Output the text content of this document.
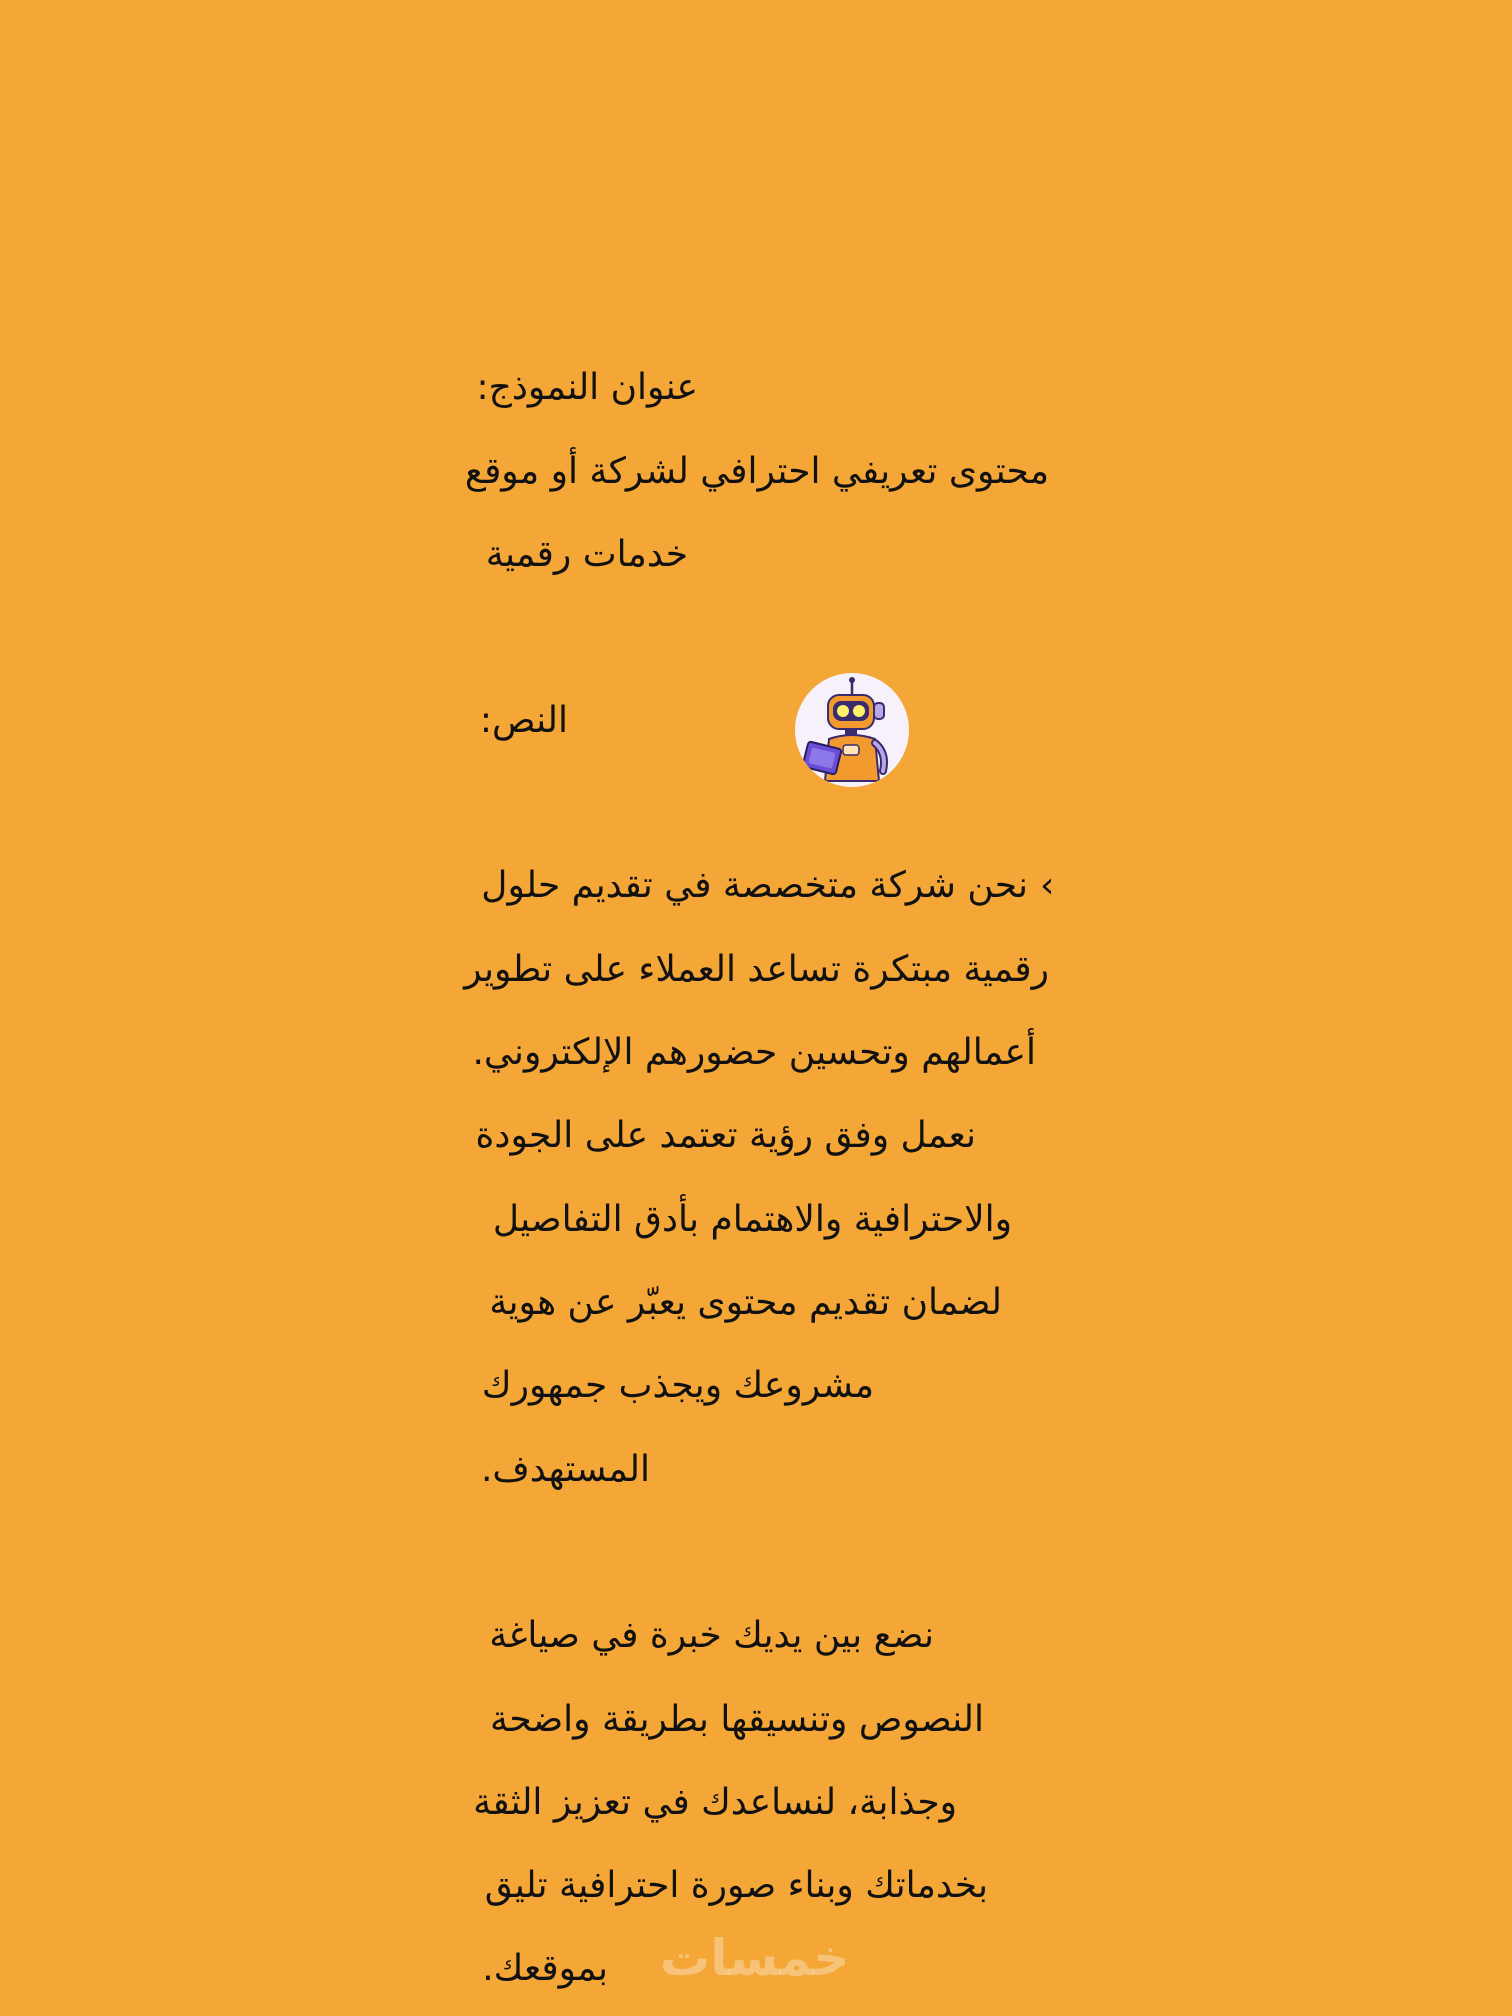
عنوان النموذج:
محتوى تعريفي احترافي لشركة أو موقع
خدمات رقمية
النص:
›
نحن شركة متخصصة في تقديم حلول
رقمية مبتكرة تساعد العملاء على تطوير
أعمالهم وتحسين حضورهم الإلكتروني.
نعمل وفق رؤية تعتمد على الجودة
والاحترافية والاهتمام بأدق التفاصيل
لضمان تقديم محتوى يعبّر عن هوية
مشروعك ويجذب جمهورك
المستهدف.
نضع بين يديك خبرة في صياغة
النصوص وتنسيقها بطريقة واضحة
وجذابة، لنساعدك في تعزيز الثقة
بخدماتك وبناء صورة احترافية تليق
بموقعك. خمسات
